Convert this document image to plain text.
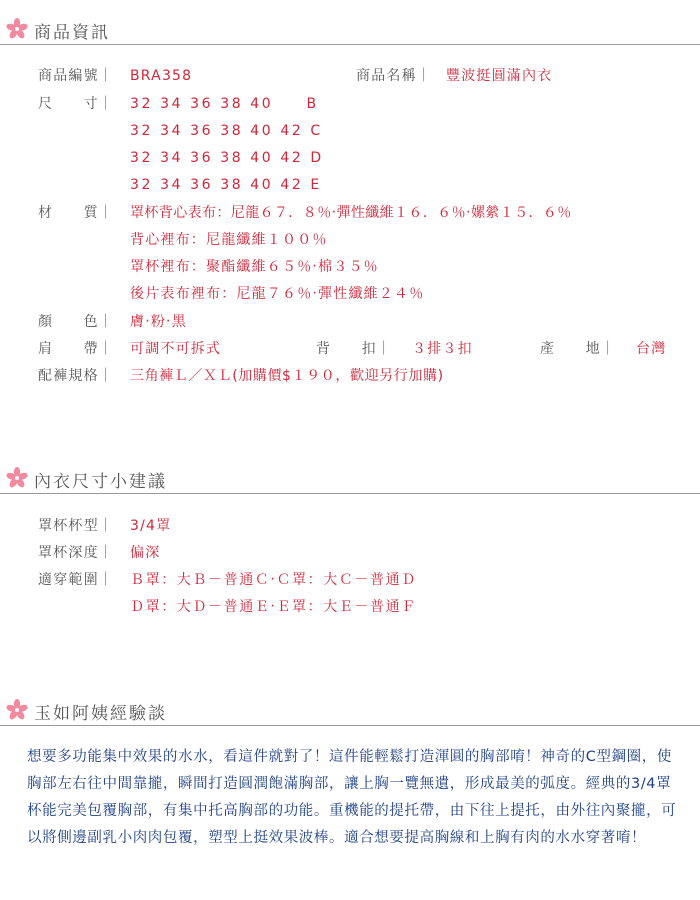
商品資訊
商品編號｜ BRA358	商品名稱｜ 豐波挺圓滿內衣
尺　　寸｜ 32 34 36 38 40　　B
32 34 36 38 40 42 C
32 34 36 38 40 42 D
32 34 36 38 40 42 E
材　　質｜ 罩杯背心表布：尼龍６７．８％‧彈性纖維１６．６％‧嫘縈１５．６％
背心裡布：尼龍纖維１００％
罩杯裡布：聚酯纖維６５％‧棉３５％
後片表布裡布：尼龍７６％‧彈性纖維２４％
顏　　色｜ 膚‧粉‧黑
肩　　帶｜ 可調不可拆式	背　　扣｜ ３排３扣	產　　地｜ 台灣
配褲規格｜ 三角褲Ｌ／ＸＬ(加購價$１９０，歡迎另行加購)
內衣尺寸小建議
罩杯杯型｜ 3/4罩
罩杯深度｜ 偏深
適穿範圍｜ Ｂ罩：大Ｂ－普通Ｃ‧Ｃ罩：大Ｃ－普通Ｄ
Ｄ罩：大Ｄ－普通Ｅ‧Ｅ罩：大Ｅ－普通Ｆ
玉如阿姨經驗談
想要多功能集中效果的水水，看這件就對了！這件能輕鬆打造渾圓的胸部唷！神奇的C型鋼圈，使胸部左右往中間靠攏，瞬間打造圓潤飽滿胸部，讓上胸一覽無遺，形成最美的弧度。經典的3/4罩杯能完美包覆胸部，有集中托高胸部的功能。重機能的提托帶，由下往上提托，由外往內聚攏，可以將側邊副乳小肉肉包覆，塑型上挺效果波棒。適合想要提高胸線和上胸有肉的水水穿著唷！
